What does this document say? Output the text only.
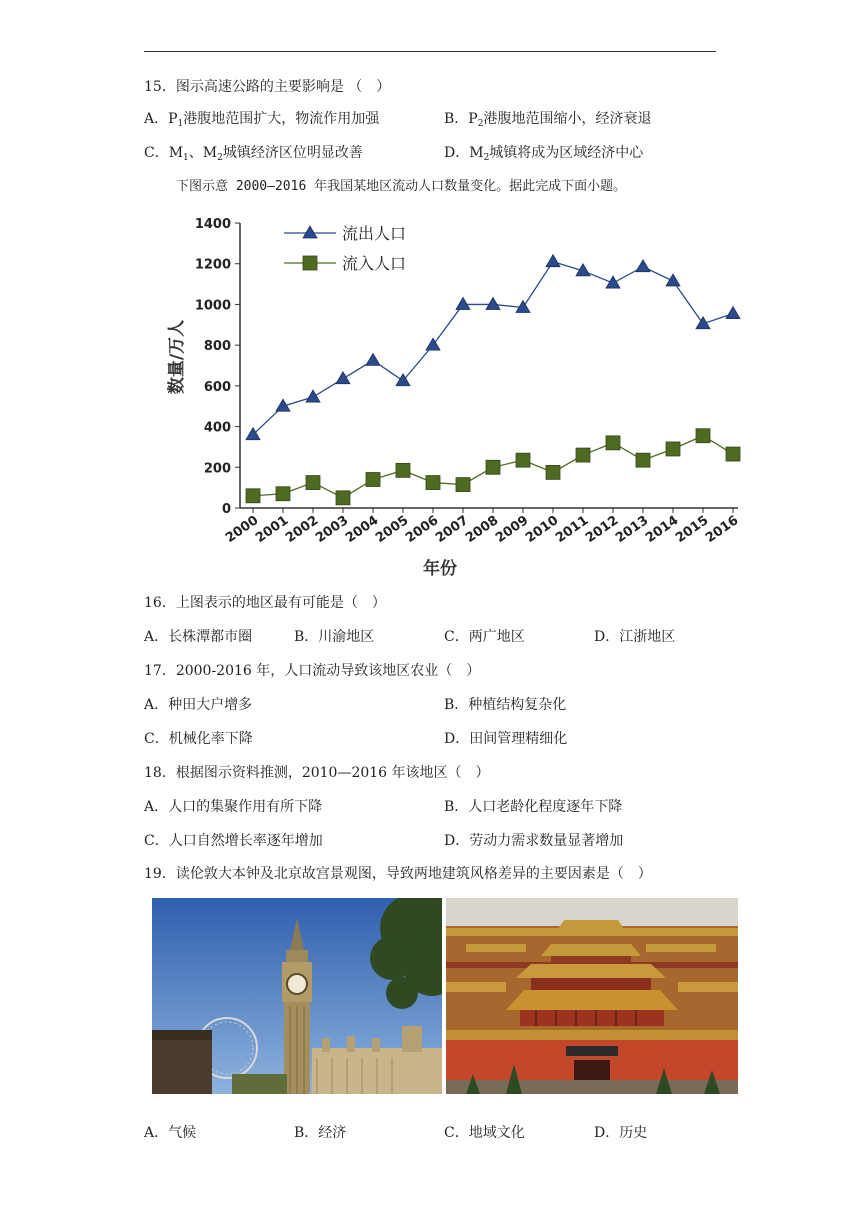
15．图示高速公路的主要影响是 （　）
A．$P_1$港腹地范围扩大，物流作用加强	B．$P_2$港腹地范围缩小，经济衰退
C．$M_1$、$M_2$城镇经济区位明显改善	D．$M_2$城镇将成为区域经济中心
下图示意 2000—2016 年我国某地区流动人口数量变化。据此完成下面小题。
0
200
400
600
800
1000
1200
1400
2000
2001
2002
2003
2004
2005
2006
2007
2008
2009
2010
2011
2012
2013
2014
2015
2016
流出人口
流入人口
数量/万人
年份
16．上图表示的地区最有可能是（　）
A．长株潭都市圈	B．川渝地区	C．两广地区	D．江浙地区
17．2000-2016 年，人口流动导致该地区农业（　）
A．种田大户增多	B．种植结构复杂化
C．机械化率下降	D．田间管理精细化
18．根据图示资料推测，2010—2016 年该地区（　）
A．人口的集聚作用有所下降	B．人口老龄化程度逐年下降
C．人口自然增长率逐年增加	D．劳动力需求数量显著增加
19．读伦敦大本钟及北京故宫景观图，导致两地建筑风格差异的主要因素是（　）
A．气候	B．经济	C．地域文化	D．历史
